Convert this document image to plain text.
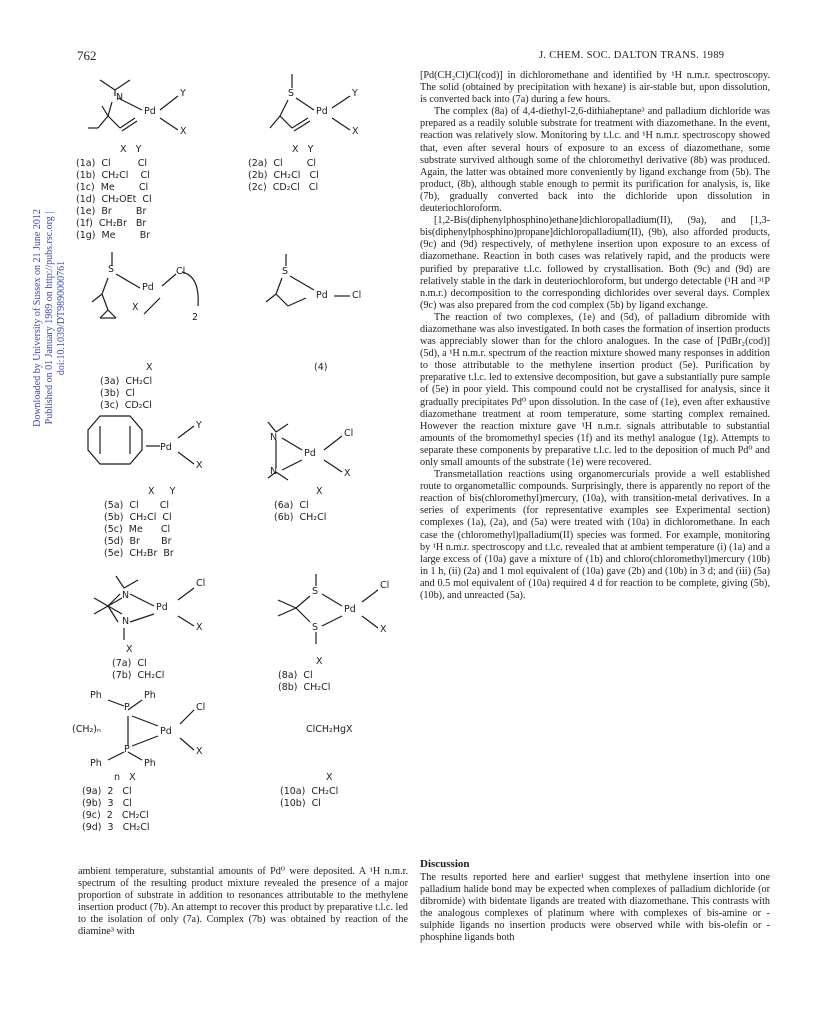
762	J. CHEM. SOC. DALTON TRANS. 1989
Downloaded by University of Sussex on 21 June 2012 Published on 01 January 1989 on http://pubs.rsc.org | doi:10.1039/DT9890000761
N
Pd
Y
X
S
Pd
Y
X
X   Y
(1a)  Cl         Cl
(1b)  CH₂Cl    Cl
(1c)  Me        Cl
(1d)  CH₂OEt  Cl
(1e)  Br        Br
(1f)  CH₂Br   Br
(1g)  Me        Br
X   Y
(2a)  Cl        Cl
(2b)  CH₂Cl   Cl
(2c)  CD₂Cl   Cl
S
Pd
Cl
X
2
S
Pd	Cl
X
(3a)  CH₂Cl
(3b)  Cl
(3c)  CD₂Cl
(4)
Pd
Y
X
N
N
Pd
Cl
X
X     Y
(5a)  Cl       Cl
(5b)  CH₂Cl  Cl
(5c)  Me      Cl
(5d)  Br       Br
(5e)  CH₂Br  Br
X
(6a)  Cl
(6b)  CH₂Cl
N
N
Pd
Cl
X
S
S
Pd
Cl
X
X
(7a)  Cl
(7b)  CH₂Cl
X
(8a)  Cl
(8b)  CH₂Cl
Ph	Ph
P
P
(CH₂)ₙ	Pd
Cl
X
Ph	Ph
ClCH₂HgX
n   X
(9a)  2   Cl
(9b)  3   Cl
(9c)  2   CH₂Cl
(9d)  3   CH₂Cl
X
(10a)  CH₂Cl
(10b)  Cl

[Pd(CH₂Cl)Cl(cod)] in dichloromethane and identified by ¹H n.m.r. spectroscopy. The solid (obtained by precipitation with hexane) is air-stable but, upon dissolution, is converted back into (7a) during a few hours.

The complex (8a) of 4,4-diethyl-2,6-dithiaheptane³ and palladium dichloride was prepared as a readily soluble substrate for treatment with diazomethane. In the event, reaction was relatively slow. Monitoring by t.l.c. and ¹H n.m.r. spectroscopy showed that, even after several hours of exposure to an excess of diazomethane, some substrate survived although some of the chloromethyl derivative (8b) was produced. Again, the latter was obtained more conveniently by ligand exchange from (5b). The product, (8b), although stable enough to permit its purification for analysis, is, like (7b), gradually converted back into the dichloride upon dissolution in deuteriochloroform.

[1,2-Bis(diphenylphosphino)ethane]dichloropalladium(II), (9a), and [1,3-bis(diphenylphosphino)propane]dichloropalladium(II), (9b), also afforded products, (9c) and (9d) respectively, of methylene insertion upon exposure to an excess of diazomethane. Reaction in both cases was relatively rapid, and the products were purified by preparative t.l.c. followed by crystallisation. Both (9c) and (9d) are relatively stable in the dark in deuteriochloroform, but undergo detectable (¹H and ³¹P n.m.r.) decomposition to the corresponding dichlorides over several days. Complex (9c) was also prepared from the cod complex (5b) by ligand exchange.

The reaction of two complexes, (1e) and (5d), of palladium dibromide with diazomethane was also investigated. In both cases the formation of insertion products was appreciably slower than for the chloro analogues. In the case of [PdBr₂(cod)] (5d), a ¹H n.m.r. spectrum of the reaction mixture showed many responses in addition to those attributable to the methylene insertion product (5e). Purification by preparative t.l.c. led to extensive decomposition, but gave a substantially pure sample of (5e) in poor yield. This compound could not be crystallised for analysis, since it gradually precipitates Pd⁰ upon dissolution. In the case of (1e), even after exhaustive diazomethane treatment at room temperature, some starting complex remained. However the reaction mixture gave ¹H n.m.r. signals attributable to substantial amounts of the bromomethyl species (1f) and its methyl analogue (1g). Attempts to separate these components by preparative t.l.c. led to the deposition of much Pd⁰ and only small amounts of the substrate (1e) were recovered.

Transmetallation reactions using organomercurials provide a well established route to organometallic compounds. Surprisingly, there is apparently no report of the reaction of bis(chloromethyl)mercury, (10a), with transition-metal derivatives. In a series of experiments (for representative examples see Experimental section) complexes (1a), (2a), and (5a) were treated with (10a) in dichloromethane. In each case the (chloromethyl)palladium(II) species was formed. For example, monitoring by ¹H n.m.r. spectroscopy and t.l.c. revealed that at ambient temperature (i) (1a) and a large excess of (10a) gave a mixture of (1b) and chloro(chloromethyl)mercury (10b) in 1 h, (ii) (2a) and 1 mol equivalent of (10a) gave (2b) and (10b) in 3 d; and (iii) (5a) and 0.5 mol equivalent of (10a) required 4 d for reaction to be complete, giving (5b), (10b), and unreacted (5a).

ambient temperature, substantial amounts of Pd⁰ were deposited. A ¹H n.m.r. spectrum of the resulting product mixture revealed the presence of a major proportion of substrate in addition to resonances attributable to the methylene insertion product (7b). An attempt to recover this product by preparative t.l.c. led to the isolation of only (7a). Complex (7b) was obtained by reaction of the diamine³ with

Discussion

The results reported here and earlier¹ suggest that methylene insertion into one palladium halide bond may be expected when complexes of palladium dichloride (or dibromide) with bidentate ligands are treated with diazomethane. This contrasts with the analogous complexes of platinum where with complexes of bis-amine or -sulphide ligands no insertion products were observed while with bis-olefin or -phosphine ligands both
